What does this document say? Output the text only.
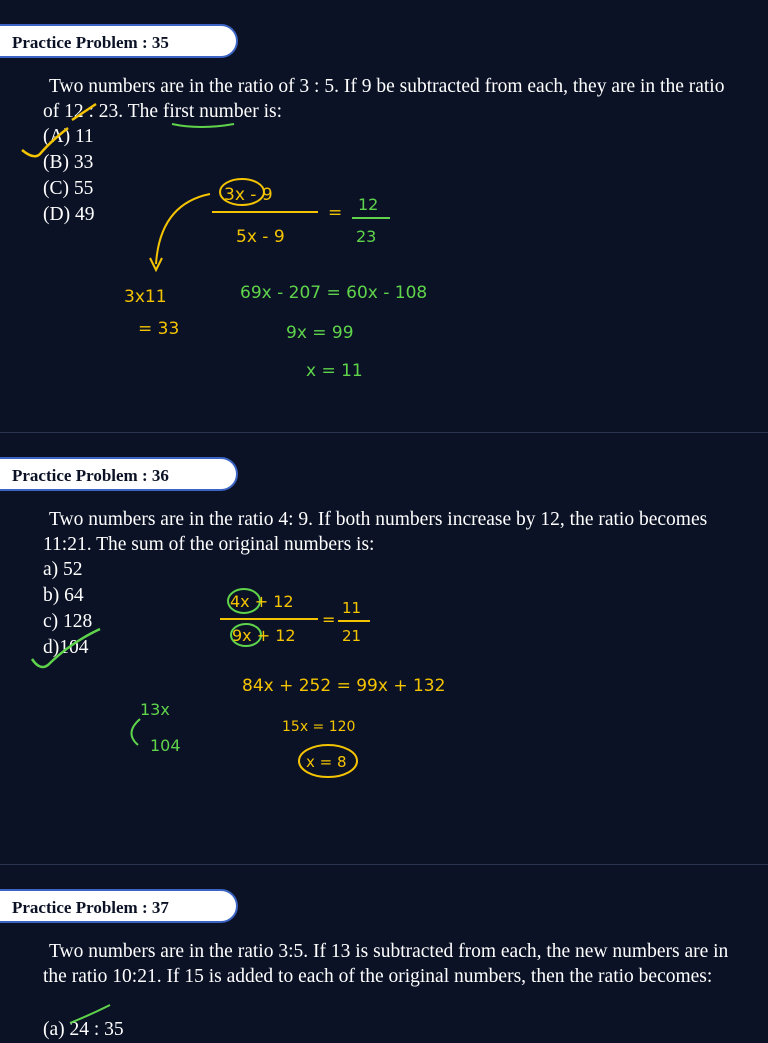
Practice Problem : 35
Two numbers are in the ratio of 3 : 5. If 9 be subtracted from each, they are in the ratio of 12 : 23. The first number is:
(A) 11
(B) 33
(C) 55
(D) 49
3x - 9
5x - 9
= 12
23
69x - 207 = 60x - 108
9x = 99
x = 11
3x11
= 33
Practice Problem : 36
Two numbers are in the ratio 4: 9. If both numbers increase by 12, the ratio becomes 11:21. The sum of the original numbers is:
a) 52
b) 64
c) 128
d)104
4x + 12
9x + 12
=
11
21
84x + 252 = 99x + 132
15x = 120
x = 8
13x
104
Practice Problem : 37
Two numbers are in the ratio 3:5. If 13 is subtracted from each, the new numbers are in the ratio 10:21. If 15 is added to each of the original numbers, then the ratio becomes:
(a) 24 : 35
